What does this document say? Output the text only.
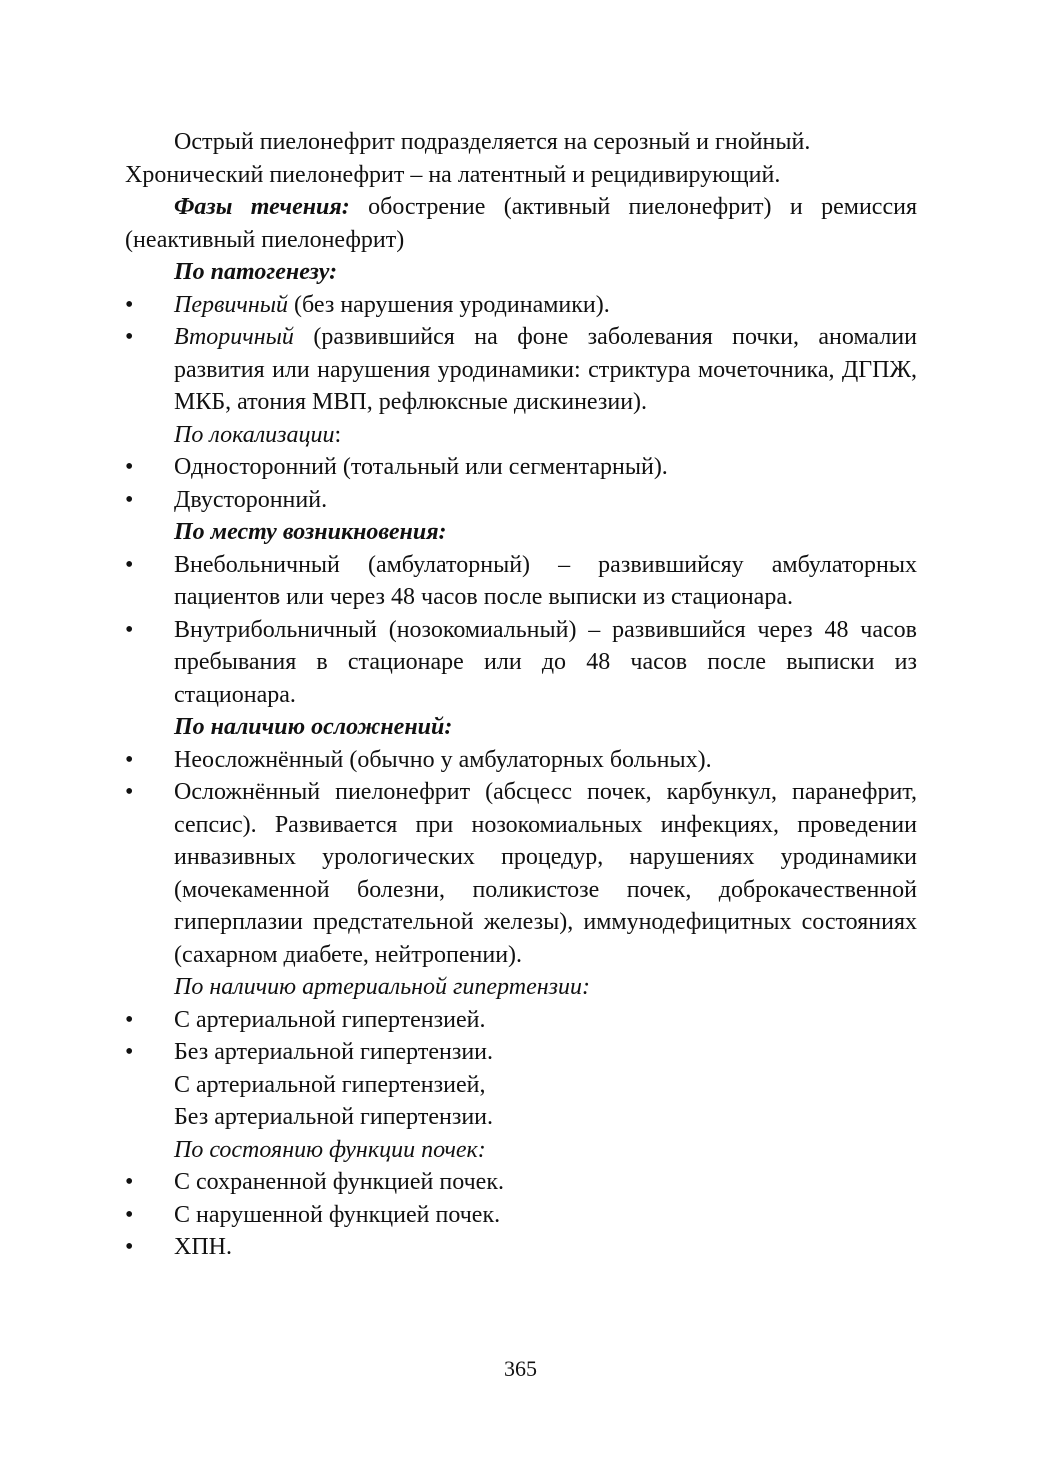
Острый пиелонефрит подразделяется на серозный и гнойный.

Хронический пиелонефрит – на латентный и рецидивирующий.

Фазы течения: обострение (активный пиелонефрит) и ремиссия (неактивный пиелонефрит)

По патогенезу:

• Первичный (без нарушения уродинамики).
• Вторичный (развившийся на фоне заболевания почки, аномалии развития или нарушения уродинамики: стриктура мочеточника, ДГПЖ, МКБ, атония МВП, рефлюксные дискинезии).

По локализации:

• Односторонний (тотальный или сегментарный).
• Двусторонний.

По месту возникновения:

• Внебольничный (амбулаторный) – развившийсяу амбулаторных пациентов или через 48 часов после выписки из стационара.
• Внутрибольничный (нозокомиальный) – развившийся через 48 часов пребывания в стационаре или до 48 часов после выписки из стационара.

По наличию осложнений:

• Неосложнённый (обычно у амбулаторных больных).
• Осложнённый пиелонефрит (абсцесс почек, карбункул, паранефрит, сепсис). Развивается при нозокомиальных инфекциях, проведении инвазивных урологических процедур, нарушениях уродинамики (мочекаменной болезни, поликистозе почек, доброкачественной гиперплазии предстательной железы), иммунодефицитных состояниях (сахарном диабете, нейтропении).

По наличию артериальной гипертензии:

• С артериальной гипертензией.
• Без артериальной гипертензии.

С артериальной гипертензией,

Без артериальной гипертензии.

По состоянию функции почек:

• С сохраненной функцией почек.
• С нарушенной функцией почек.
• ХПН.
365
